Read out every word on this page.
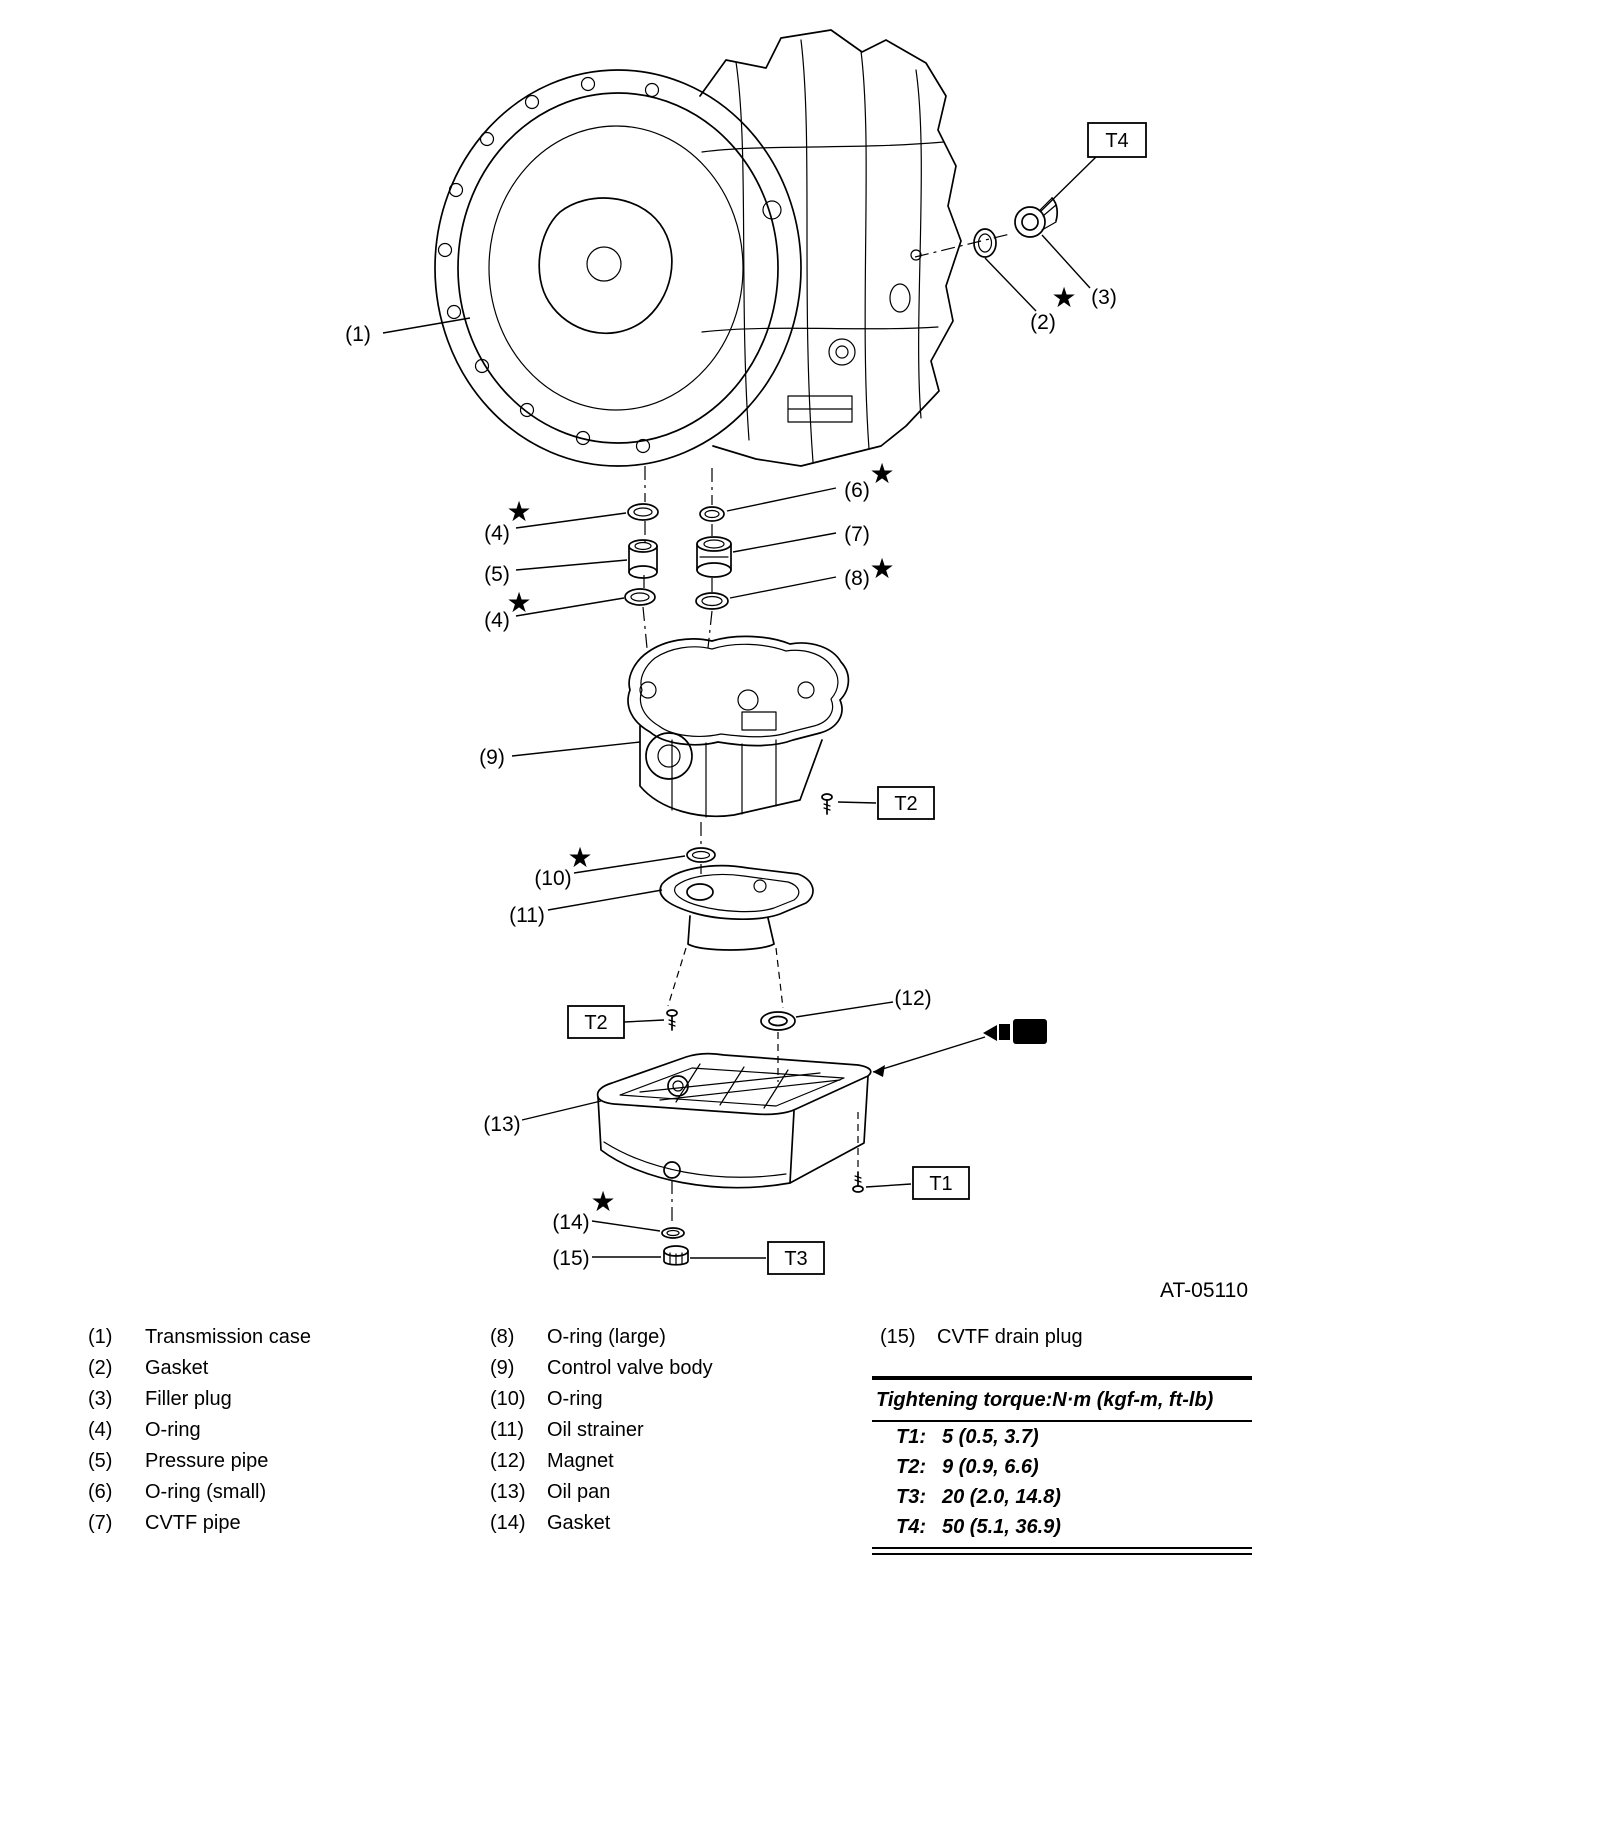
(1)
T4
(2)
★ (3)
★
(4)
(5)
★
(4)
(6)
★
(7)
(8) ★
(9)
T2
★
(10)
(11)
T2
(12)
(13)
T1
★
(14)
(15)	T3
AT-05110
(1)	Transmission case
(2)	Gasket
(3)	Filler plug
(4)	O-ring
(5)	Pressure pipe
(6)	O-ring (small)
(7)	CVTF pipe
(8)	O-ring (large)
(9)	Control valve body
(10)	O-ring
(11)	Oil strainer
(12)	Magnet
(13)	Oil pan
(14)	Gasket
(15)	CVTF drain plug
Tightening torque:N·m (kgf-m, ft-lb)
T1: 5 (0.5, 3.7)
T2: 9 (0.9, 6.6)
T3: 20 (2.0, 14.8)
T4: 50 (5.1, 36.9)
